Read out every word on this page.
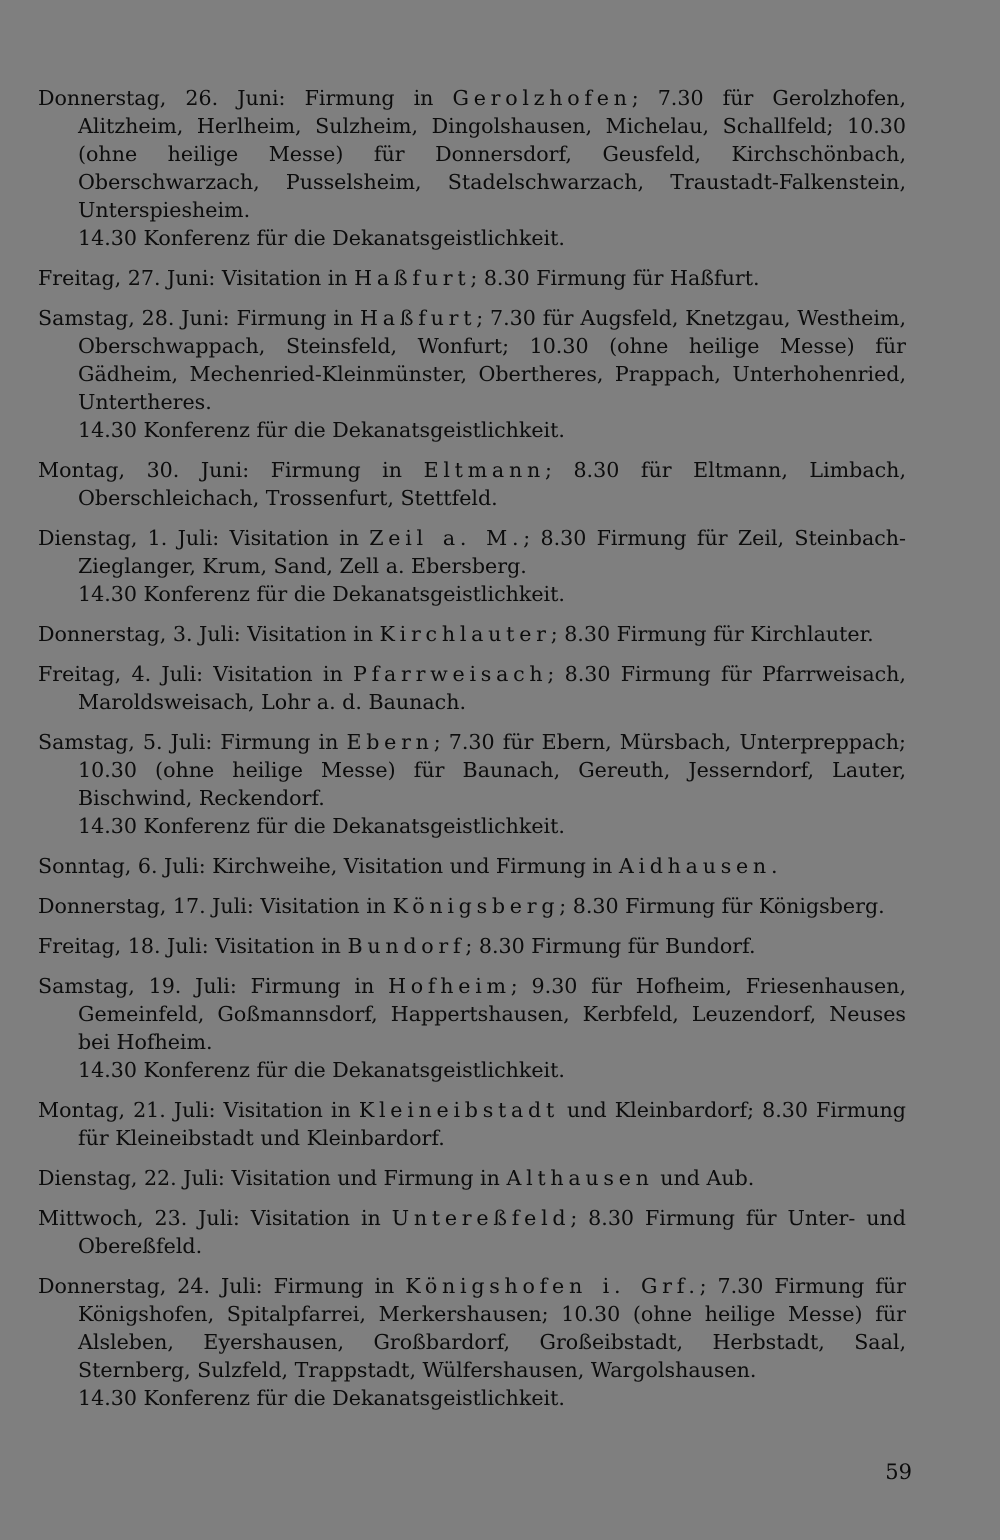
Donnerstag, 26. Juni: Firmung in Gerolzhofen; 7.30 für Gerolzhofen, Alitzheim, Herlheim, Sulzheim, Dingolshausen, Michelau, Schallfeld; 10.30 (ohne heilige Messe) für Donnersdorf, Geusfeld, Kirchschönbach, Oberschwarzach, Pusselsheim, Stadelschwarzach, Traustadt-Falkenstein, Unterspiesheim.
14.30 Konferenz für die Dekanatsgeistlichkeit.
Freitag, 27. Juni: Visitation in Haßfurt; 8.30 Firmung für Haßfurt.
Samstag, 28. Juni: Firmung in Haßfurt; 7.30 für Augsfeld, Knetzgau, Westheim, Oberschwappach, Steinsfeld, Wonfurt; 10.30 (ohne heilige Messe) für Gädheim, Mechenried-Kleinmünster, Obertheres, Prappach, Unterhohenried, Untertheres.
14.30 Konferenz für die Dekanatsgeistlichkeit.
Montag, 30. Juni: Firmung in Eltmann; 8.30 für Eltmann, Limbach, Oberschleichach, Trossenfurt, Stettfeld.
Dienstag, 1. Juli: Visitation in Zeil a. M.; 8.30 Firmung für Zeil, Steinbach-Zieglanger, Krum, Sand, Zell a. Ebersberg.
14.30 Konferenz für die Dekanatsgeistlichkeit.
Donnerstag, 3. Juli: Visitation in Kirchlauter; 8.30 Firmung für Kirchlauter.
Freitag, 4. Juli: Visitation in Pfarrweisach; 8.30 Firmung für Pfarrweisach, Maroldsweisach, Lohr a. d. Baunach.
Samstag, 5. Juli: Firmung in Ebern; 7.30 für Ebern, Mürsbach, Unterpreppach; 10.30 (ohne heilige Messe) für Baunach, Gereuth, Jesserndorf, Lauter, Bischwind, Reckendorf.
14.30 Konferenz für die Dekanatsgeistlichkeit.
Sonntag, 6. Juli: Kirchweihe, Visitation und Firmung in Aidhausen.
Donnerstag, 17. Juli: Visitation in Königsberg; 8.30 Firmung für Königsberg.
Freitag, 18. Juli: Visitation in Bundorf; 8.30 Firmung für Bundorf.
Samstag, 19. Juli: Firmung in Hofheim; 9.30 für Hofheim, Friesenhausen, Gemeinfeld, Goßmannsdorf, Happertshausen, Kerbfeld, Leuzendorf, Neuses bei Hofheim.
14.30 Konferenz für die Dekanatsgeistlichkeit.
Montag, 21. Juli: Visitation in Kleineibstadt und Kleinbardorf; 8.30 Firmung für Kleineibstadt und Kleinbardorf.
Dienstag, 22. Juli: Visitation und Firmung in Althausen und Aub.
Mittwoch, 23. Juli: Visitation in Untereßfeld; 8.30 Firmung für Unter- und Obereßfeld.
Donnerstag, 24. Juli: Firmung in Königshofen i. Grf.; 7.30 Firmung für Königshofen, Spitalpfarrei, Merkershausen; 10.30 (ohne heilige Messe) für Alsleben, Eyershausen, Großbardorf, Großeibstadt, Herbstadt, Saal, Sternberg, Sulzfeld, Trappstadt, Wülfershausen, Wargolshausen.
14.30 Konferenz für die Dekanatsgeistlichkeit.
59
